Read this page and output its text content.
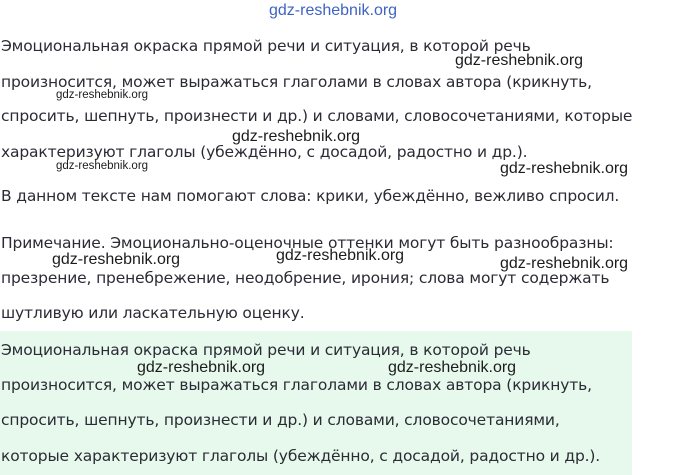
gdz-reshebnik.org
Эмоциональная окраска прямой речи и ситуация, в которой речь
произносится, может выражаться глаголами в словах автора (крикнуть,
спросить, шепнуть, произнести и др.) и словами, словосочетаниями, которые
характеризуют глаголы (убеждённо, с досадой, радостно и др.).
В данном тексте нам помогают слова: крики, убеждённо, вежливо спросил.
Примечание. Эмоционально-оценочные оттенки могут быть разнообразны:
презрение, пренебрежение, неодобрение, ирония; слова могут содержать
шутливую или ласкательную оценку.
Эмоциональная окраска прямой речи и ситуация, в которой речь
произносится, может выражаться глаголами в словах автора (крикнуть,
спросить, шепнуть, произнести и др.) и словами, словосочетаниями,
которые характеризуют глаголы (убеждённо, с досадой, радостно и др.).
gdz-reshebnik.org
gdz-reshebnik.org
gdz-reshebnik.org
gdz-reshebnik.org	gdz-reshebnik.org
gdz-reshebnik.org	gdz-reshebnik.org	gdz-reshebnik.org
gdz-reshebnik.org	gdz-reshebnik.org
